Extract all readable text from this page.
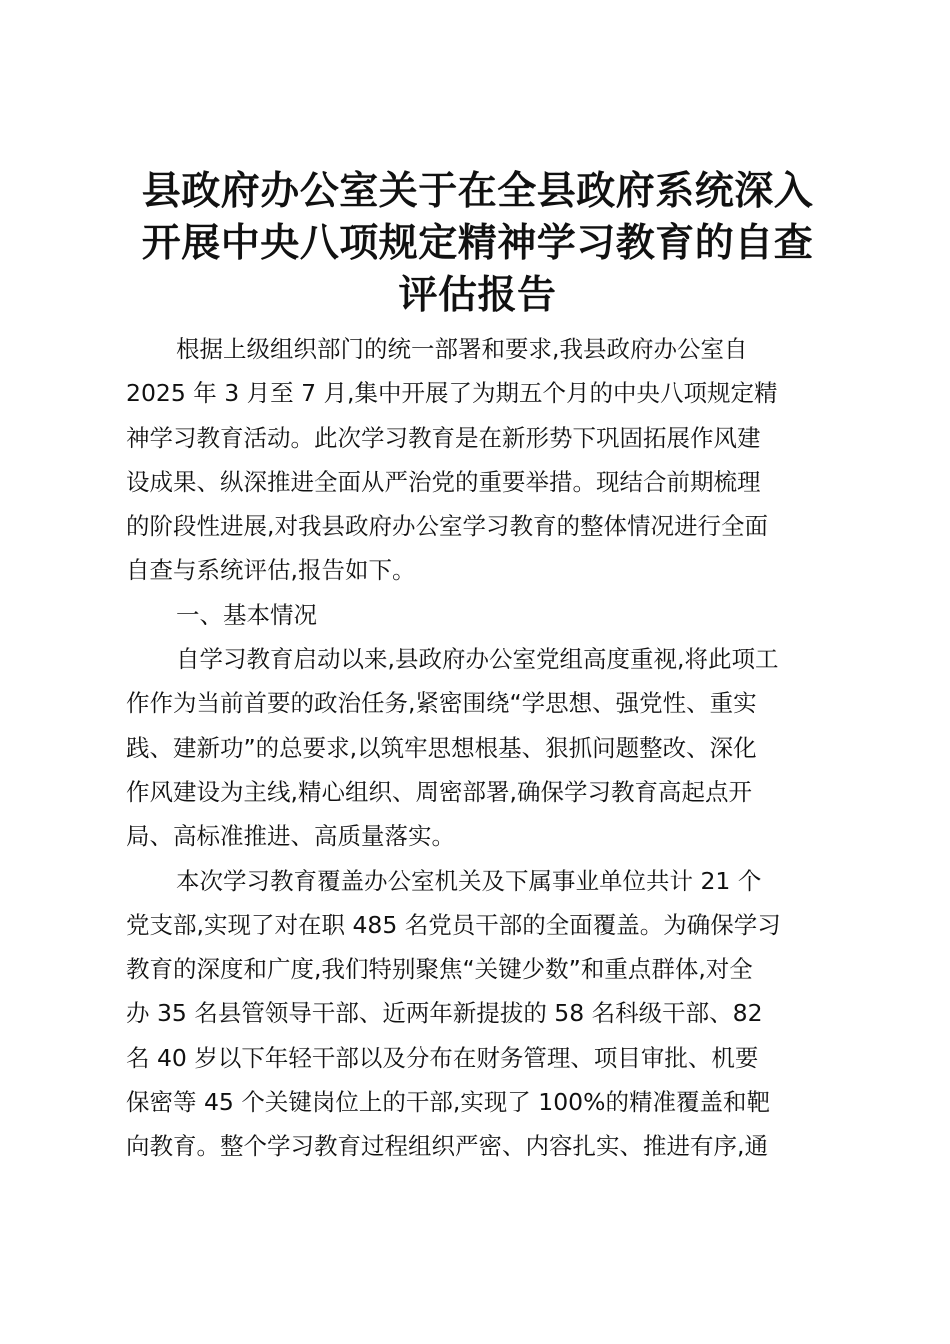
县政府办公室关于在全县政府系统深入
开展中央八项规定精神学习教育的自查
评估报告

根据上级组织部门的统一部署和要求,我县政府办公室自
2025 年 3 月至 7 月,集中开展了为期五个月的中央八项规定精
神学习教育活动。此次学习教育是在新形势下巩固拓展作风建
设成果、纵深推进全面从严治党的重要举措。现结合前期梳理
的阶段性进展,对我县政府办公室学习教育的整体情况进行全面
自查与系统评估,报告如下。

一、基本情况

自学习教育启动以来,县政府办公室党组高度重视,将此项工
作作为当前首要的政治任务,紧密围绕“学思想、强党性、重实
践、建新功”的总要求,以筑牢思想根基、狠抓问题整改、深化
作风建设为主线,精心组织、周密部署,确保学习教育高起点开
局、高标准推进、高质量落实。

本次学习教育覆盖办公室机关及下属事业单位共计 21 个
党支部,实现了对在职 485 名党员干部的全面覆盖。为确保学习
教育的深度和广度,我们特别聚焦“关键少数”和重点群体,对全
办 35 名县管领导干部、近两年新提拔的 58 名科级干部、82
名 40 岁以下年轻干部以及分布在财务管理、项目审批、机要
保密等 45 个关键岗位上的干部,实现了 100%的精准覆盖和靶
向教育。整个学习教育过程组织严密、内容扎实、推进有序,通
